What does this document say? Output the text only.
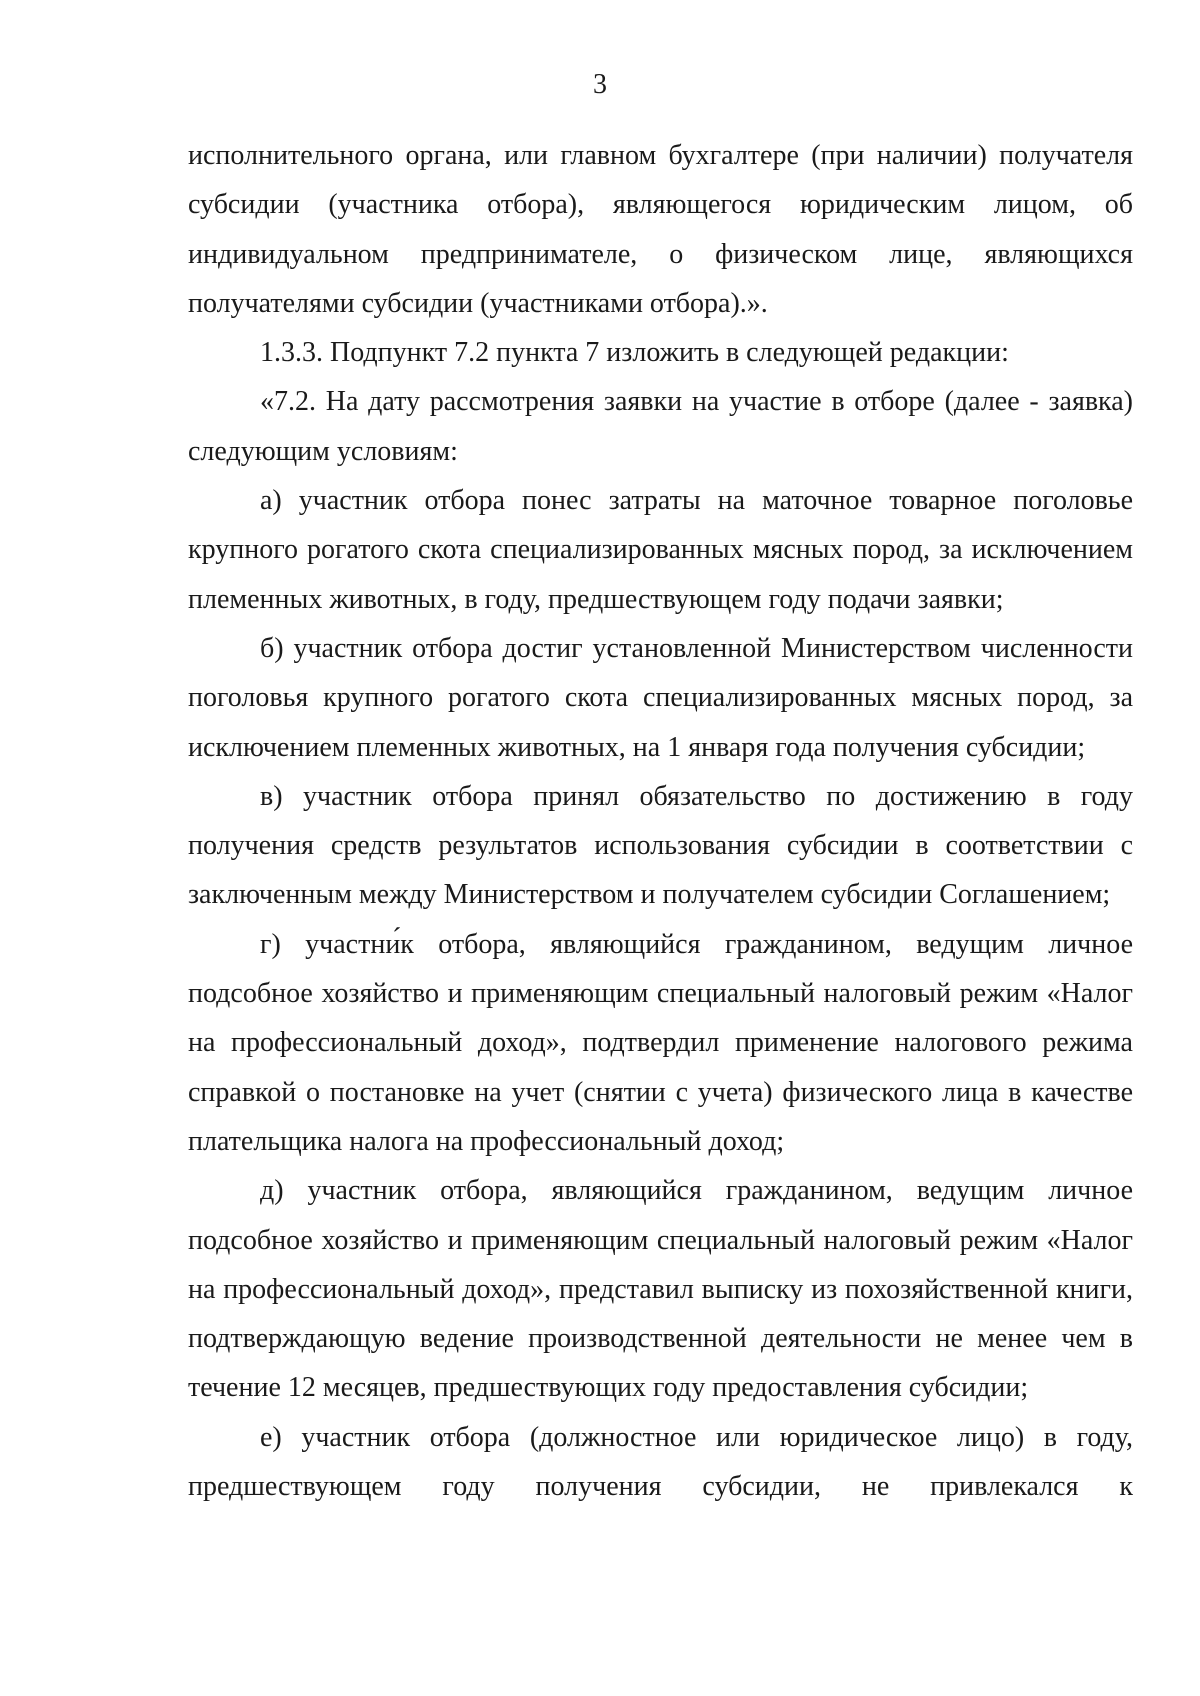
3

исполнительного органа, или главном бухгалтере (при наличии) получателя субсидии (участника отбора), являющегося юридическим лицом, об индивидуальном предпринимателе, о физическом лице, являющихся получателями субсидии (участниками отбора).».

1.3.3. Подпункт 7.2 пункта 7 изложить в следующей редакции:

«7.2. На дату рассмотрения заявки на участие в отборе (далее - заявка) следующим условиям:

а) участник отбора понес затраты на маточное товарное поголовье крупного рогатого скота специализированных мясных пород, за исключением племенных животных, в году, предшествующем году подачи заявки;

б) участник отбора достиг установленной Министерством численности поголовья крупного рогатого скота специализированных мясных пород, за исключением племенных животных, на 1 января года получения субсидии;

в) участник отбора принял обязательство по достижению в году получения средств результатов использования субсидии в соответствии с заключенным между Министерством и получателем субсидии Соглашением;

г) участни́к отбора, являющийся гражданином, ведущим личное подсобное хозяйство и применяющим специальный налоговый режим «Налог на профессиональный доход», подтвердил применение налогового режима справкой о постановке на учет (снятии с учета) физического лица в качестве плательщика налога на профессиональный доход;

д) участник отбора, являющийся гражданином, ведущим личное подсобное хозяйство и применяющим специальный налоговый режим «Налог на профессиональный доход», представил выписку из похозяйственной книги, подтверждающую ведение производственной деятельности не менее чем в течение 12 месяцев, предшествующих году предоставления субсидии;

е) участник отбора (должностное или юридическое лицо) в году, предшествующем году получения субсидии, не привлекался к
